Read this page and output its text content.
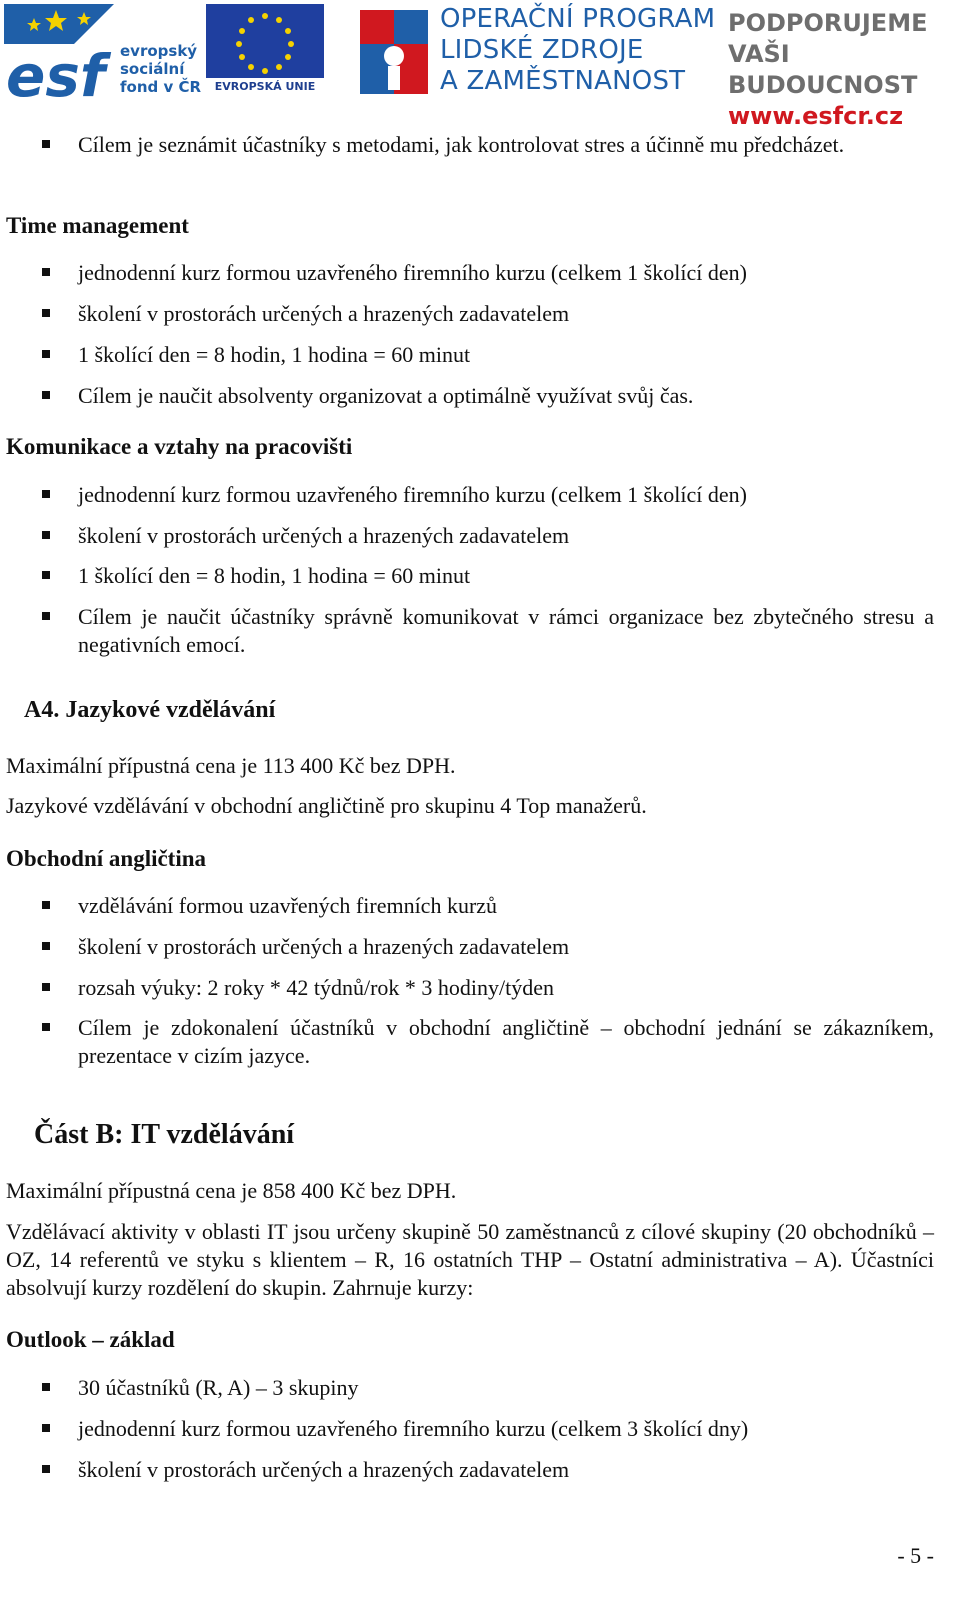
esf evropský
sociální
fond v ČR	EVROPSKÁ UNIE
OPERAČNÍ PROGRAM
LIDSKÉ ZDROJE
A ZAMĚSTNANOST
PODPORUJEME
VAŠI BUDOUCNOST
www.esfcr.cz
Cílem je seznámit účastníky s metodami, jak kontrolovat stres a účinně mu předcházet.
Time management
jednodenní kurz formou uzavřeného firemního kurzu (celkem 1 školící den)
školení v prostorách určených a hrazených zadavatelem
1 školící den = 8 hodin, 1 hodina = 60 minut
Cílem je naučit absolventy organizovat a optimálně využívat svůj čas.
Komunikace a vztahy na pracovišti
jednodenní kurz formou uzavřeného firemního kurzu (celkem 1 školící den)
školení v prostorách určených a hrazených zadavatelem
1 školící den = 8 hodin, 1 hodina = 60 minut
Cílem je naučit účastníky správně komunikovat v rámci organizace bez zbytečného stresu a negativních emocí.
A4. Jazykové vzdělávání
Maximální přípustná cena je 113 400 Kč bez DPH.
Jazykové vzdělávání v obchodní angličtině pro skupinu 4 Top manažerů.
Obchodní angličtina
vzdělávání formou uzavřených firemních kurzů
školení v prostorách určených a hrazených zadavatelem
rozsah výuky: 2 roky * 42 týdnů/rok * 3 hodiny/týden
Cílem je zdokonalení účastníků v obchodní angličtině – obchodní jednání se zákazníkem, prezentace v cizím jazyce.
Část B: IT vzdělávání
Maximální přípustná cena je 858 400 Kč bez DPH.
Vzdělávací aktivity v oblasti IT jsou určeny skupině 50 zaměstnanců z cílové skupiny (20 obchodníků – OZ, 14 referentů ve styku s klientem – R, 16 ostatních THP – Ostatní administrativa – A). Účastníci absolvují kurzy rozdělení do skupin. Zahrnuje kurzy:
Outlook – základ
30 účastníků (R, A) – 3 skupiny
jednodenní kurz formou uzavřeného firemního kurzu (celkem 3 školící dny)
školení v prostorách určených a hrazených zadavatelem
- 5 -
